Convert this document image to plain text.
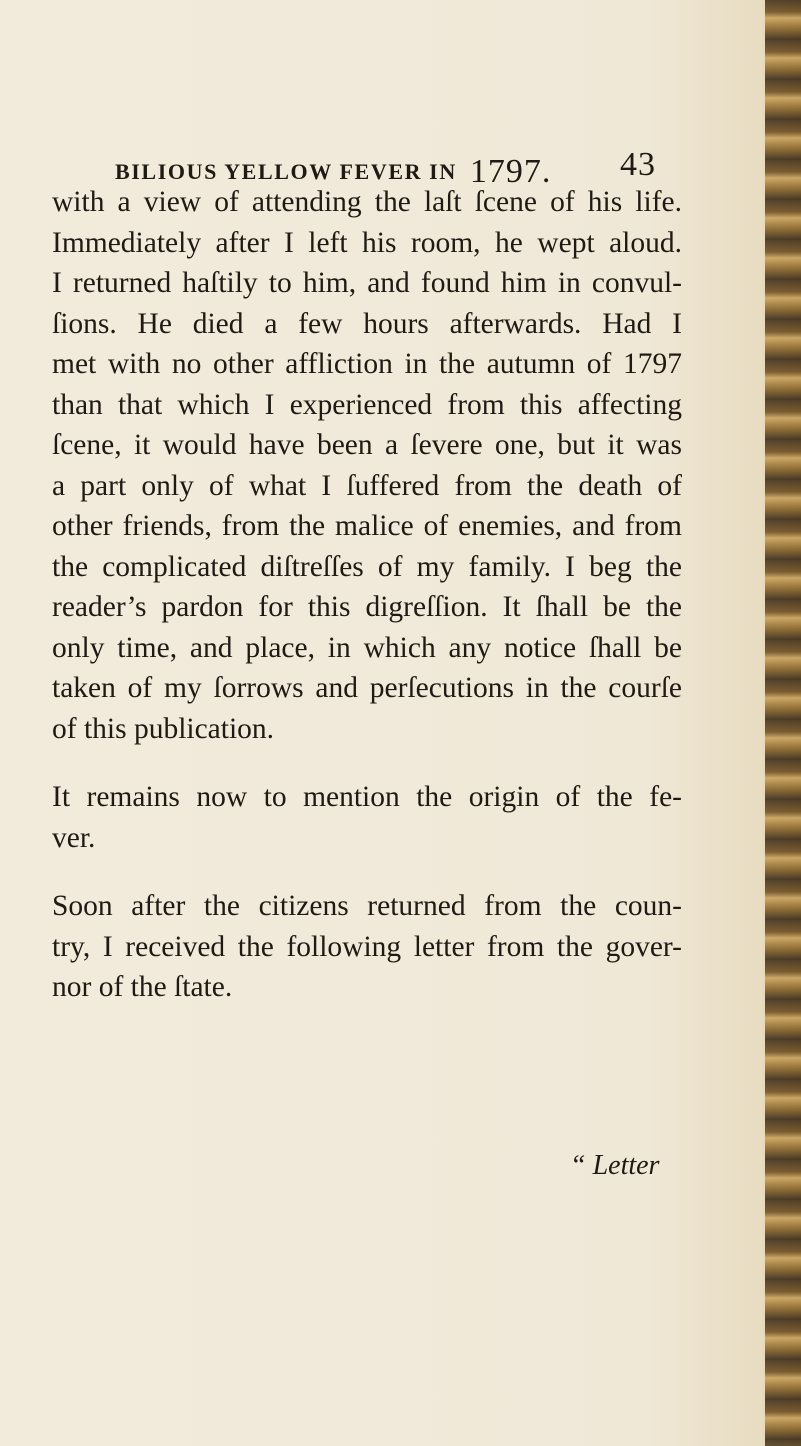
BILIOUS YELLOW FEVER IN 1797. 43
with a view of attending the laſt ſcene of his life.
Immediately after I left his room, he wept aloud.
I returned haſtily to him, and found him in convul-
ſions. He died a few hours afterwards. Had I
met with no other affliction in the autumn of 1797
than that which I experienced from this affecting
ſcene, it would have been a ſevere one, but it was
a part only of what I ſuffered from the death of
other friends, from the malice of enemies, and from
the complicated diſtreſſes of my family. I beg the
reader’s pardon for this digreſſion. It ſhall be the
only time, and place, in which any notice ſhall be
taken of my ſorrows and perſecutions in the courſe
of this publication.
It remains now to mention the origin of the fe-
ver.
Soon after the citizens returned from the coun-
try, I received the following letter from the gover-
nor of the ſtate.
“ Letter
